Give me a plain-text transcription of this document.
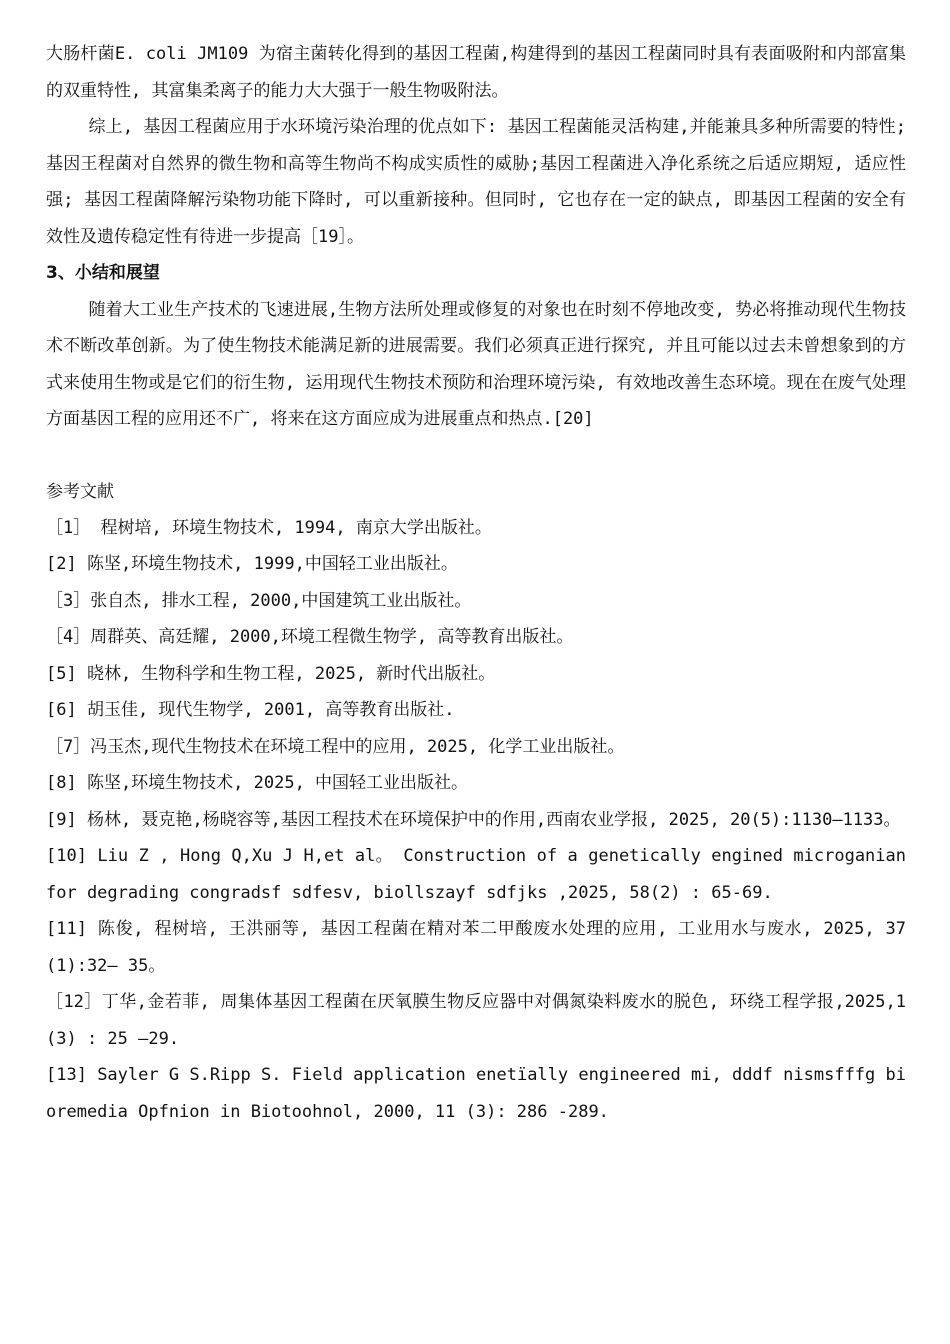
大肠杆菌E. coli JM109 为宿主菌转化得到的基因工程菌,构建得到的基因工程菌同时具有表面吸附和内部富集的双重特性, 其富集柔离子的能力大大强于一般生物吸附法。

综上, 基因工程菌应用于水环境污染治理的优点如下: 基因工程菌能灵活构建,并能兼具多种所需要的特性; 基因王程菌对自然界的微生物和高等生物尚不构成实质性的威胁;基因工程菌进入净化系统之后适应期短, 适应性强; 基因工程菌降解污染物功能下降时, 可以重新接种。但同时, 它也存在一定的缺点, 即基因工程菌的安全有效性及遗传稳定性有待进一步提高［19］。

3、小结和展望

随着大工业生产技术的飞速进展,生物方法所处理或修复的对象也在时刻不停地改变, 势必将推动现代生物技术不断改革创新。为了使生物技术能满足新的进展需要。我们必须真正进行探究, 并且可能以过去未曾想象到的方式来使用生物或是它们的衍生物, 运用现代生物技术预防和治理环境污染, 有效地改善生态环境。现在在废气处理方面基因工程的应用还不广, 将来在这方面应成为进展重点和热点.[20]

参考文献

［1］ 程树培, 环境生物技术, 1994, 南京大学出版社。
[2] 陈坚,环境生物技术, 1999,中国轻工业出版社。
［3］张自杰, 排水工程, 2000,中国建筑工业出版社。
［4］周群英、高廷耀, 2000,环境工程微生物学, 高等教育出版社。
[5] 晓林, 生物科学和生物工程, 2025, 新时代出版社。
[6] 胡玉佳, 现代生物学, 2001, 高等教育出版社.
［7］冯玉杰,现代生物技术在环境工程中的应用, 2025, 化学工业出版社。
[8] 陈坚,环境生物技术, 2025, 中国轻工业出版社。
[9] 杨林, 聂克艳,杨晓容等,基因工程技术在环境保护中的作用,西南农业学报, 2025, 20(5):1130—1133。
[10] Liu Z , Hong Q,Xu J H,et al。 Construction of a genetically engined microganian for degrading congradsf sdfesv, biollszayf sdfjks ,2025, 58(2) : 65-69.
[11] 陈俊, 程树培, 王洪丽等, 基因工程菌在精对苯二甲酸废水处理的应用, 工业用水与废水, 2025, 37 (1):32— 35。
［12］丁华,金若菲, 周集体基因工程菌在厌氧膜生物反应器中对偶氮染料废水的脱色, 环绕工程学报,2025,1 (3) : 25 —29.
[13] Sayler G S.Ripp S. Field application enetïally engineered mi, dddf nismsfffg bioremedia Opfnion in Biotoohnol, 2000, 11 (3): 286 -289.
